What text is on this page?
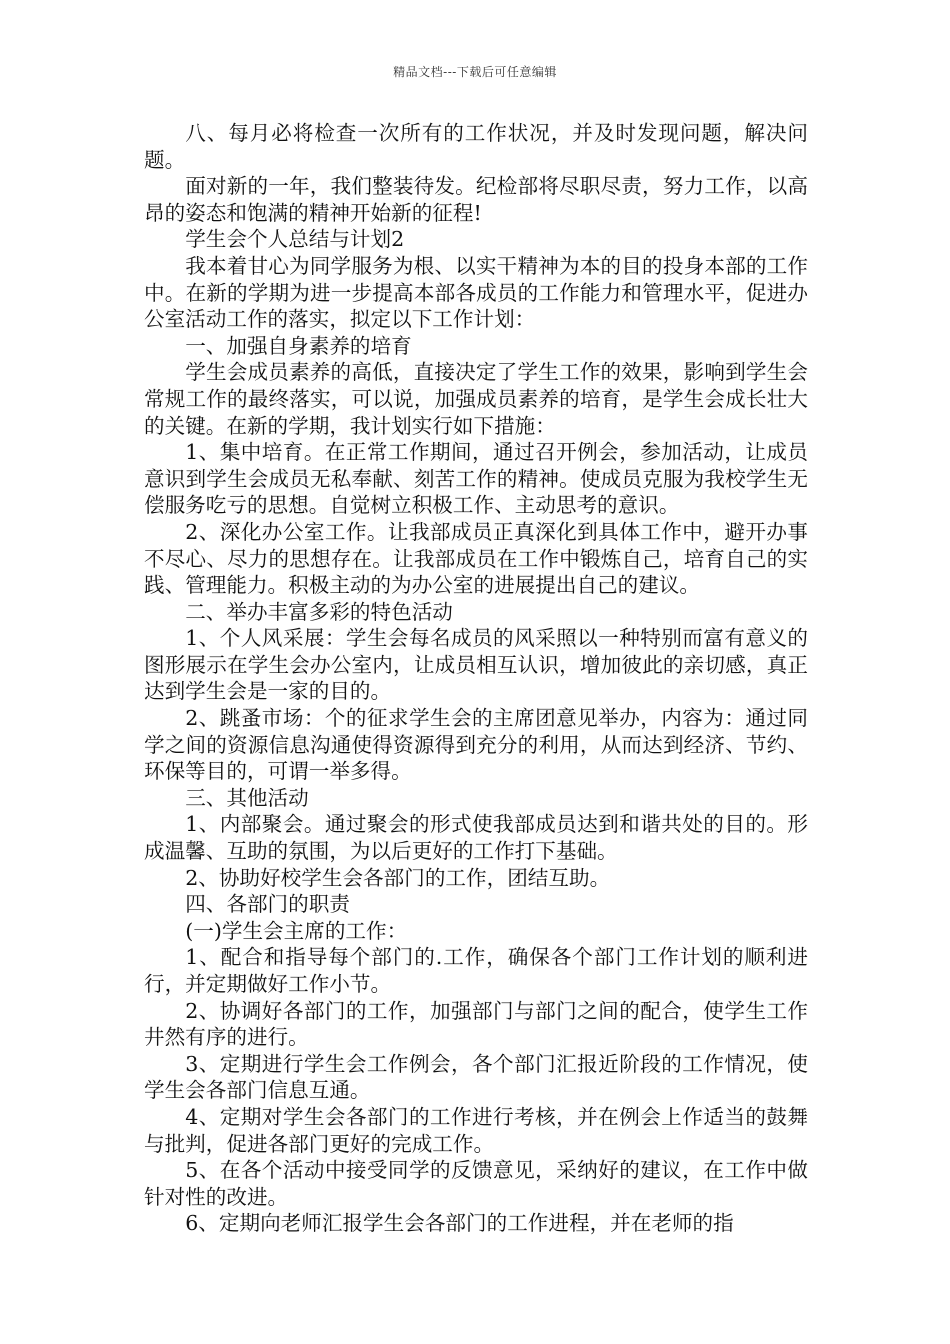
精品文档---下载后可任意编辑

八、每月必将检查一次所有的工作状况，并及时发现问题，解决问题。

面对新的一年，我们整装待发。纪检部将尽职尽责，努力工作，以高昂的姿态和饱满的精神开始新的征程!

学生会个人总结与计划2

我本着甘心为同学服务为根、以实干精神为本的目的投身本部的工作中。在新的学期为进一步提高本部各成员的工作能力和管理水平，促进办公室活动工作的落实，拟定以下工作计划：

一、加强自身素养的培育

学生会成员素养的高低，直接决定了学生工作的效果，影响到学生会常规工作的最终落实，可以说，加强成员素养的培育，是学生会成长壮大的关键。在新的学期，我计划实行如下措施：

1、集中培育。在正常工作期间，通过召开例会，参加活动，让成员意识到学生会成员无私奉献、刻苦工作的精神。使成员克服为我校学生无偿服务吃亏的思想。自觉树立积极工作、主动思考的意识。

2、深化办公室工作。让我部成员正真深化到具体工作中，避开办事不尽心、尽力的思想存在。让我部成员在工作中锻炼自己，培育自己的实践、管理能力。积极主动的为办公室的进展提出自己的建议。

二、举办丰富多彩的特色活动

1、个人风采展：学生会每名成员的风采照以一种特别而富有意义的图形展示在学生会办公室内，让成员相互认识，增加彼此的亲切感，真正达到学生会是一家的目的。

2、跳蚤市场：个的征求学生会的主席团意见举办，内容为：通过同学之间的资源信息沟通使得资源得到充分的利用，从而达到经济、节约、环保等目的，可谓一举多得。

三、其他活动

1、内部聚会。通过聚会的形式使我部成员达到和谐共处的目的。形成温馨、互助的氛围，为以后更好的工作打下基础。

2、协助好校学生会各部门的工作，团结互助。

四、各部门的职责

(一)学生会主席的工作：

1、配合和指导每个部门的.工作，确保各个部门工作计划的顺利进行，并定期做好工作小节。

2、协调好各部门的工作，加强部门与部门之间的配合，使学生工作井然有序的进行。

3、定期进行学生会工作例会，各个部门汇报近阶段的工作情况，使学生会各部门信息互通。

4、定期对学生会各部门的工作进行考核，并在例会上作适当的鼓舞与批判，促进各部门更好的完成工作。

5、在各个活动中接受同学的反馈意见，采纳好的建议，在工作中做针对性的改进。

6、定期向老师汇报学生会各部门的工作进程，并在老师的指
